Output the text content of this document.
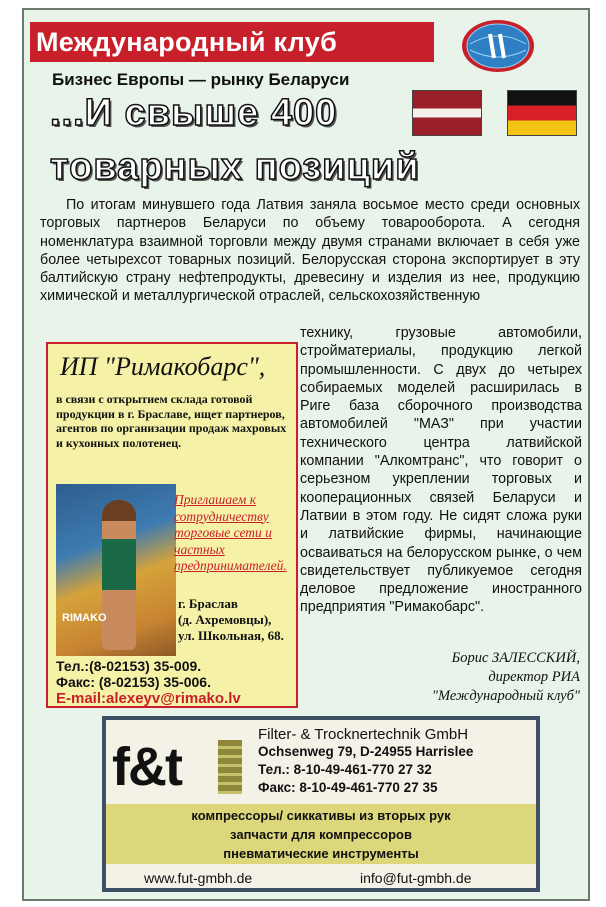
Международный клуб
Бизнес Европы — рынку Беларуси
...И свыше 400
товарных позиций

По итогам минувшего года Латвия заняла восьмое место среди основных торговых партнеров Беларуси по объему товарооборота. А сегодня номенклатура взаимной торговли между двумя странами включает в себя уже более четырехсот товарных позиций. Белорусская сторона экспортирует в эту балтийскую страну нефтепродукты, древесину и изделия из нее, продукцию химической и металлургической отраслей, сельскохозяйственную

технику, грузовые автомобили, стройматериалы, продукцию легкой промышленности. С двух до четырех собираемых моделей расширилась в Риге база сборочного производства автомобилей "МАЗ" при участии технического центра латвийской компании "Алкомтранс", что говорит о серьезном укреплении торговых и кооперационных связей Беларуси и Латвии в этом году. Не сидят сложа руки и латвийские фирмы, начинающие осваиваться на белорусском рынке, о чем свидетельствует публикуемое сегодня деловое предложение иностранного предприятия "Римакобарс".

Борис ЗАЛЕССКИЙ,
директор РИА
"Международный клуб"
ИП "Римакобарс",
в связи с открытием склада готовой продукции в г. Браславе, ищет партнеров, агентов по организации продаж махровых и кухонных полотенец.
RIMAKO
Приглашаем к сотрудничеству торговые сети и частных предпринимателей.
г. Браслав
(д. Ахремовцы),
ул. Школьная, 68.
Тел.:(8-02153) 35-009.
Факс: (8-02153) 35-006.
E-mail:alexeyv@rimako.lv
f&t
Filter- & Trocknertechnik GmbH
Ochsenweg 79, D-24955 Harrislee
Тел.: 8-10-49-461-770 27 32
Факс: 8-10-49-461-770 27 35
компрессоры/ сиккативы из вторых рук
запчасти для компрессоров
пневматические инструменты
www.fut-gmbh.de	info@fut-gmbh.de
